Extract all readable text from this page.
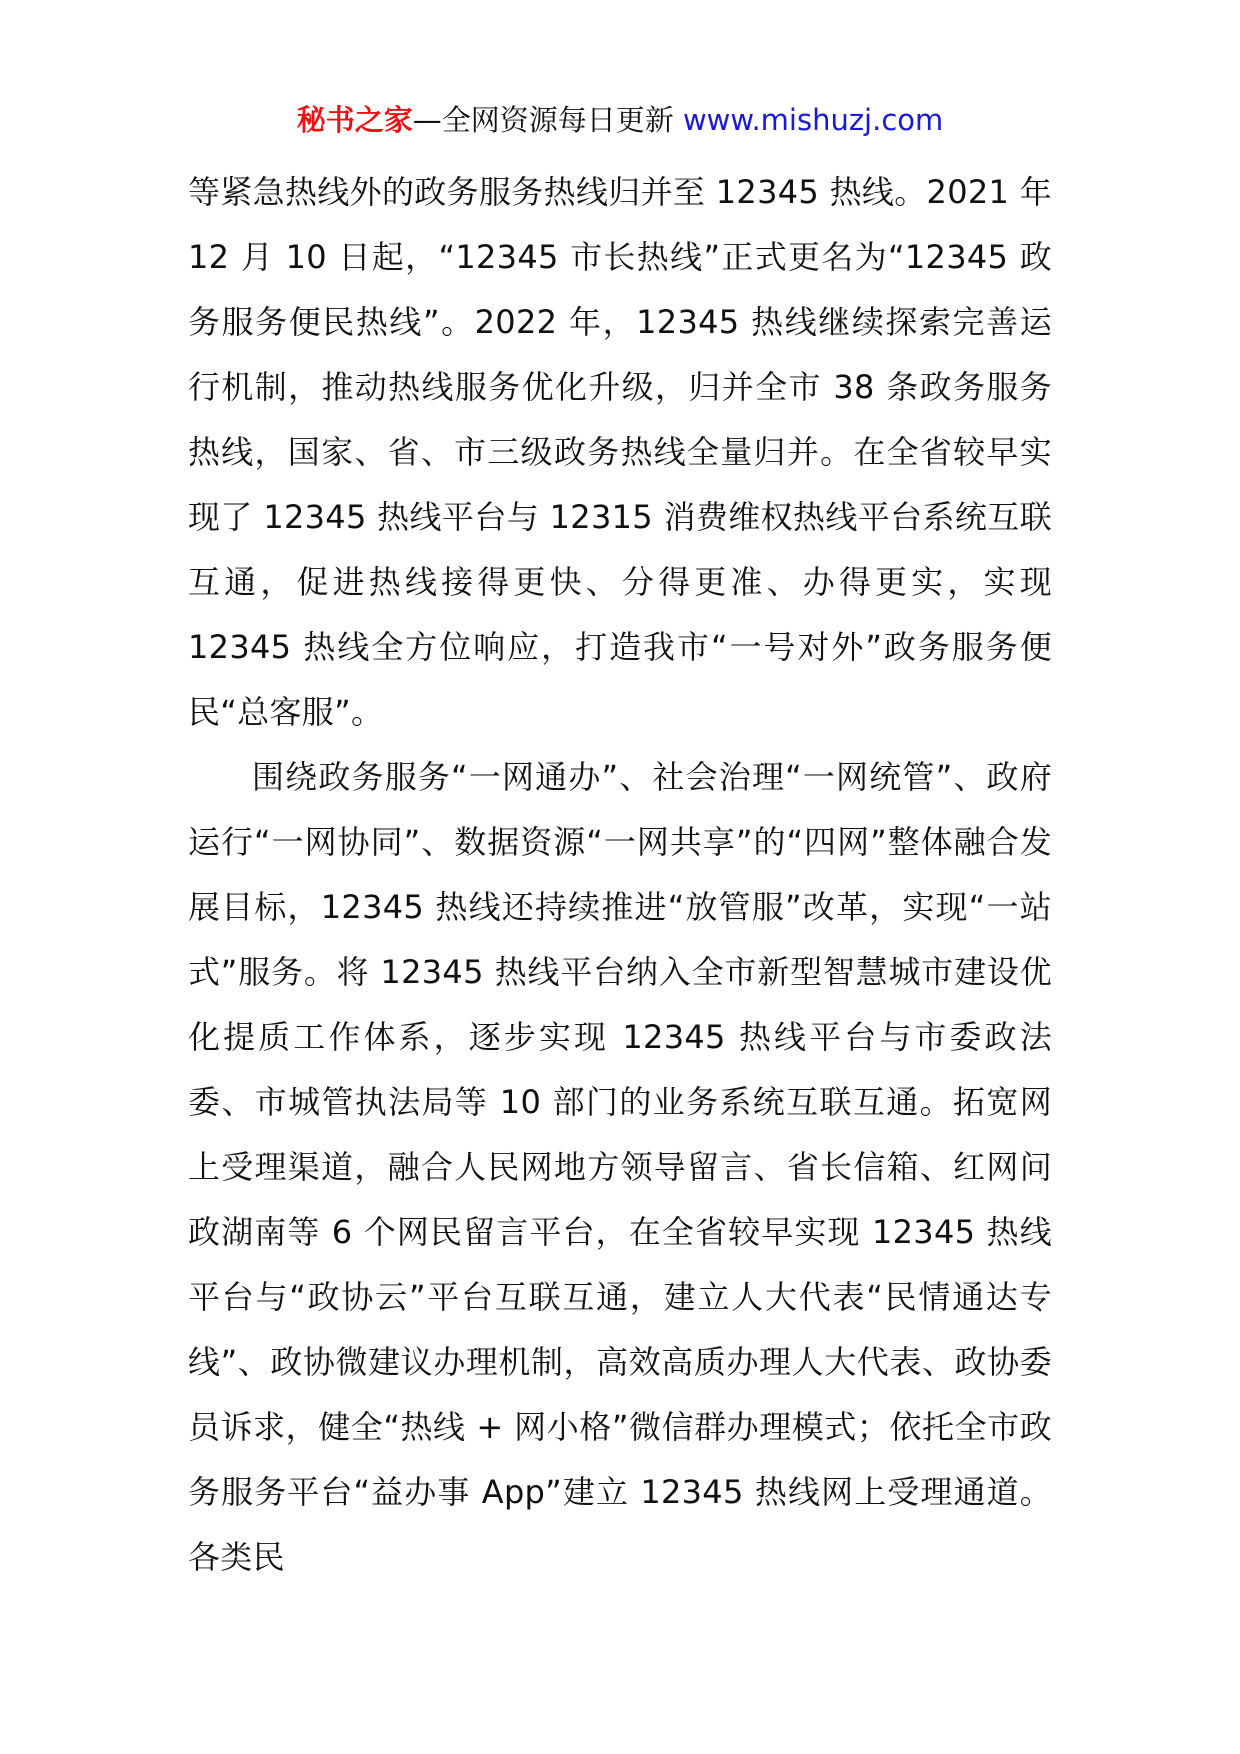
秘书之家—全网资源每日更新 www.mishuzj.com

等紧急热线外的政务服务热线归并至 12345 热线。2021 年 12 月 10 日起，“12345 市长热线”正式更名为“12345 政务服务便民热线”。2022 年，12345 热线继续探索完善运行机制，推动热线服务优化升级，归并全市 38 条政务服务热线，国家、省、市三级政务热线全量归并。在全省较早实现了 12345 热线平台与 12315 消费维权热线平台系统互联互通，促进热线接得更快、分得更准、办得更实，实现 12345 热线全方位响应，打造我市“一号对外”政务服务便民“总客服”。

围绕政务服务“一网通办”、社会治理“一网统管”、政府运行“一网协同”、数据资源“一网共享”的“四网”整体融合发展目标，12345 热线还持续推进“放管服”改革，实现“一站式”服务。将 12345 热线平台纳入全市新型智慧城市建设优化提质工作体系，逐步实现 12345 热线平台与市委政法委、市城管执法局等 10 部门的业务系统互联互通。拓宽网上受理渠道，融合人民网地方领导留言、省长信箱、红网问政湖南等 6 个网民留言平台，在全省较早实现 12345 热线平台与“政协云”平台互联互通，建立人大代表“民情通达专线”、政协微建议办理机制，高效高质办理人大代表、政协委员诉求，健全“热线 + 网小格”微信群办理模式；依托全市政务服务平台“益办事 App”建立 12345 热线网上受理通道。各类民
